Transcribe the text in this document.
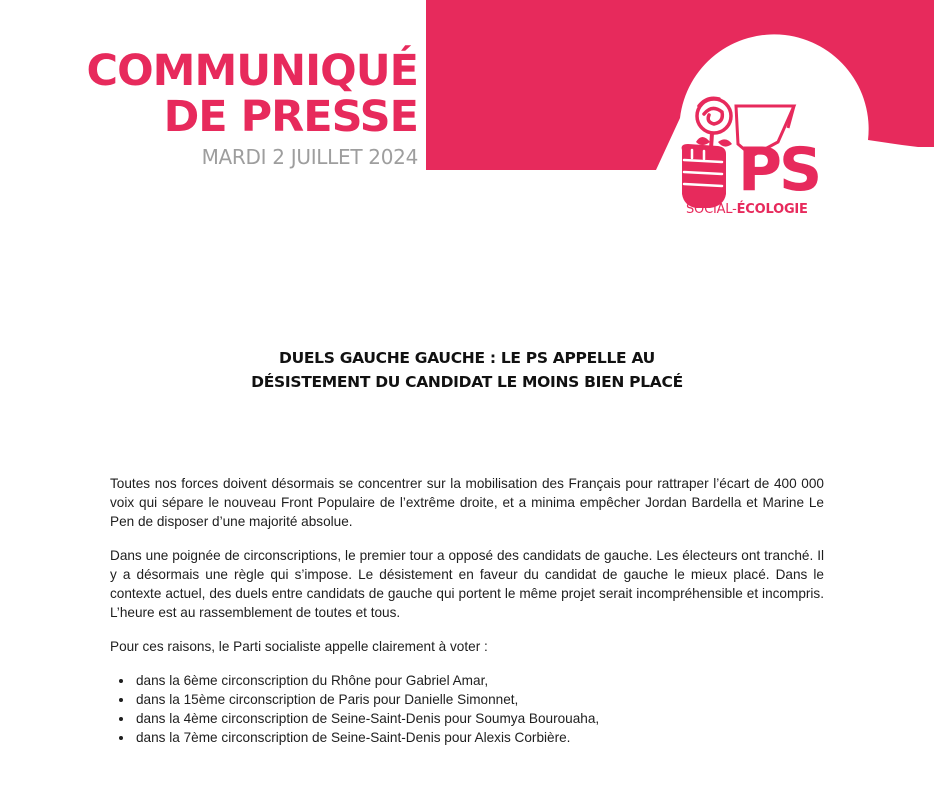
COMMUNIQUÉ
DE PRESSE
MARDI 2 JUILLET 2024	PS
SOCIAL-ÉCOLOGIE
DUELS GAUCHE GAUCHE : LE PS APPELLE AU
DÉSISTEMENT DU CANDIDAT LE MOINS BIEN PLACÉ

Toutes nos forces doivent désormais se concentrer sur la mobilisation des Français pour rattraper l’écart de 400 000 voix qui sépare le nouveau Front Populaire de l’extrême droite, et a minima empêcher Jordan Bardella et Marine Le Pen de disposer d’une majorité absolue.

Dans une poignée de circonscriptions, le premier tour a opposé des candidats de gauche. Les électeurs ont tranché. Il y a désormais une règle qui s’impose. Le désistement en faveur du candidat de gauche le mieux placé. Dans le contexte actuel, des duels entre candidats de gauche qui portent le même projet serait incompréhensible et incompris. L’heure est au rassemblement de toutes et tous.

Pour ces raisons, le Parti socialiste appelle clairement à voter :

• dans la 6ème circonscription du Rhône pour Gabriel Amar,
• dans la 15ème circonscription de Paris pour Danielle Simonnet,
• dans la 4ème circonscription de Seine-Saint-Denis pour Soumya Bourouaha,
• dans la 7ème circonscription de Seine-Saint-Denis pour Alexis Corbière.
